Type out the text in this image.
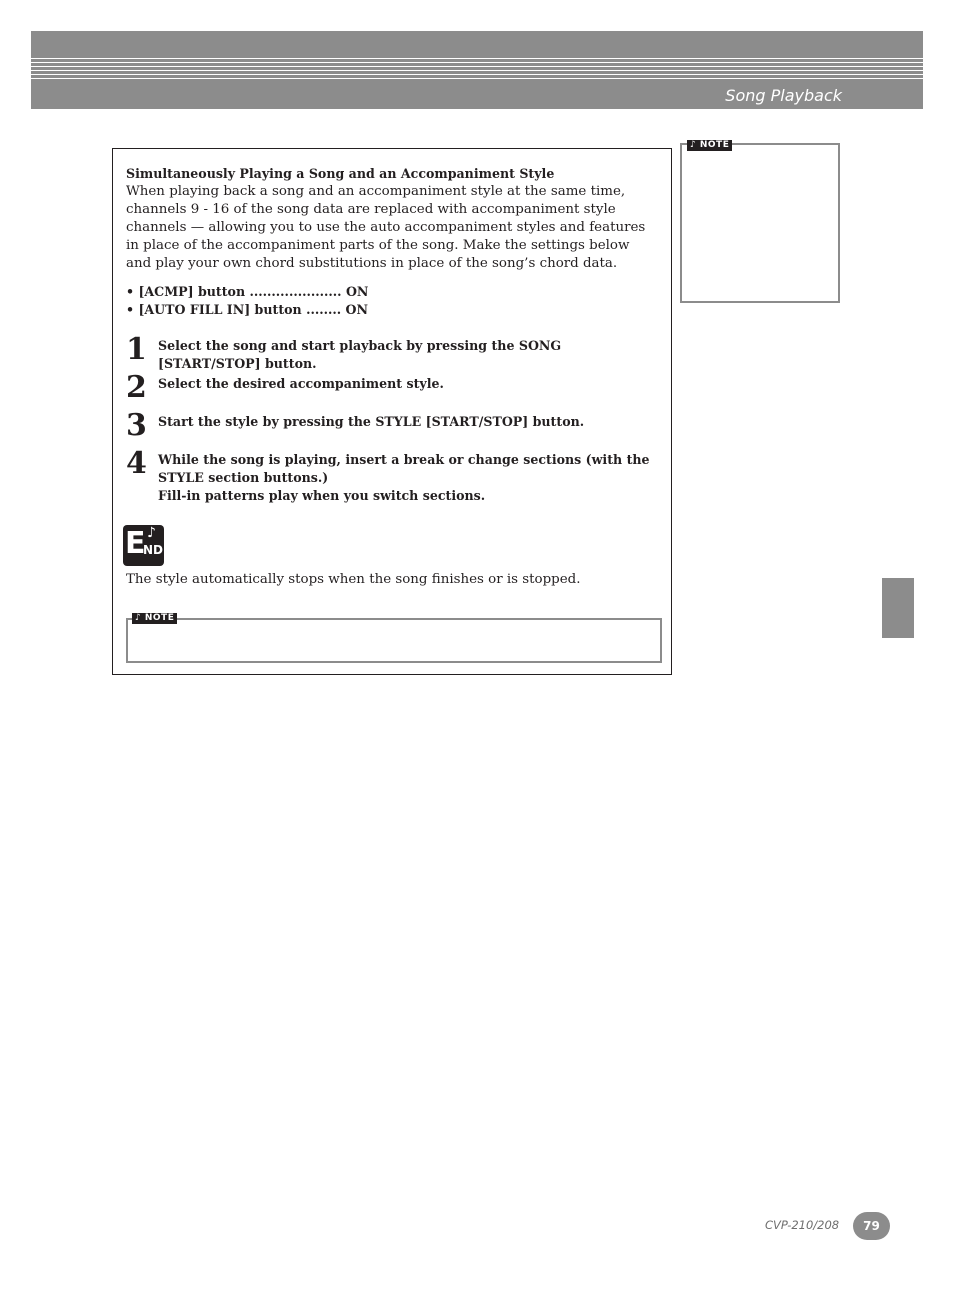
Song Playback
Simultaneously Playing a Song and an Accompaniment Style
When playing back a song and an accompaniment style at the same time, channels 9 - 16 of the song data are replaced with accompaniment style channels — allowing you to use the auto accompaniment styles and features in place of the accompaniment parts of the song. Make the settings below and play your own chord substitutions in place of the song’s chord data.
• [ACMP] button ..................... ON
• [AUTO FILL IN] button ........ ON
1 Select the song and start playback by pressing the SONG [START/STOP] button.
2 Select the desired accompaniment style.
3 Start the style by pressing the STYLE [START/STOP] button.
4 While the song is playing, insert a break or change sections (with the STYLE section buttons.)
Fill-in patterns play when you switch sections.
E ♪
ND
The style automatically stops when the song finishes or is stopped.
♪ NOTE
♪ NOTE
CVP-210/208	79
